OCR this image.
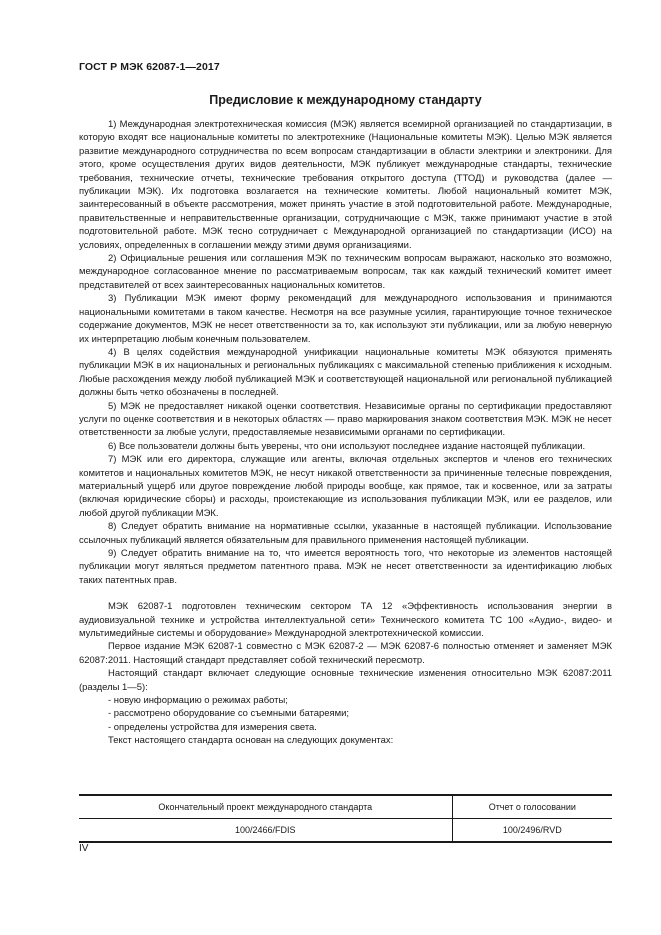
ГОСТ Р МЭК 62087-1—2017
Предисловие к международному стандарту

1) Международная электротехническая комиссия (МЭК) является всемирной организацией по стандартизации, в которую входят все национальные комитеты по электротехнике (Национальные комитеты МЭК). Целью МЭК является развитие международного сотрудничества по всем вопросам стандартизации в области электрики и электроники. Для этого, кроме осуществления других видов деятельности, МЭК публикует международные стандарты, технические требования, технические отчеты, технические требования открытого доступа (ТТОД) и руководства (далее — публикации МЭК). Их подготовка возлагается на технические комитеты. Любой национальный комитет МЭК, заинтересованный в объекте рассмотрения, может принять участие в этой подготовительной работе. Международные, правительственные и неправительственные организации, сотрудничающие с МЭК, также принимают участие в этой подготовительной работе. МЭК тесно сотрудничает с Международной организацией по стандартизации (ИСО) на условиях, определенных в соглашении между этими двумя организациями.

2) Официальные решения или соглашения МЭК по техническим вопросам выражают, насколько это возможно, международное согласованное мнение по рассматриваемым вопросам, так как каждый технический комитет имеет представителей от всех заинтересованных национальных комитетов.

3) Публикации МЭК имеют форму рекомендаций для международного использования и принимаются национальными комитетами в таком качестве. Несмотря на все разумные усилия, гарантирующие точное техническое содержание документов, МЭК не несет ответственности за то, как используют эти публикации, или за любую неверную их интерпретацию любым конечным пользователем.

4) В целях содействия международной унификации национальные комитеты МЭК обязуются применять публикации МЭК в их национальных и региональных публикациях с максимальной степенью приближения к исходным. Любые расхождения между любой публикацией МЭК и соответствующей национальной или региональной публикацией должны быть четко обозначены в последней.

5) МЭК не предоставляет никакой оценки соответствия. Независимые органы по сертификации предоставляют услуги по оценке соответствия и в некоторых областях — право маркирования знаком соответствия МЭК. МЭК не несет ответственности за любые услуги, предоставляемые независимыми органами по сертификации.

6) Все пользователи должны быть уверены, что они используют последнее издание настоящей публикации.

7) МЭК или его директора, служащие или агенты, включая отдельных экспертов и членов его технических комитетов и национальных комитетов МЭК, не несут никакой ответственности за причиненные телесные повреждения, материальный ущерб или другое повреждение любой природы вообще, как прямое, так и косвенное, или за затраты (включая юридические сборы) и расходы, проистекающие из использования публикации МЭК, или ее разделов, или любой другой публикации МЭК.

8) Следует обратить внимание на нормативные ссылки, указанные в настоящей публикации. Использование ссылочных публикаций является обязательным для правильного применения настоящей публикации.

9) Следует обратить внимание на то, что имеется вероятность того, что некоторые из элементов настоящей публикации могут являться предметом патентного права. МЭК не несет ответственности за идентификацию любых таких патентных прав.

МЭК 62087-1 подготовлен техническим сектором ТА 12 «Эффективность использования энергии в аудиовизуальной технике и устройства интеллектуальной сети» Технического комитета ТС 100 «Аудио-, видео- и мультимедийные системы и оборудование» Международной электротехнической комиссии.

Первое издание МЭК 62087-1 совместно с МЭК 62087-2 — МЭК 62087-6 полностью отменяет и заменяет МЭК 62087:2011. Настоящий стандарт представляет собой технический пересмотр.

Настоящий стандарт включает следующие основные технические изменения относительно МЭК 62087:2011 (разделы 1—5):

- новую информацию о режимах работы;

- рассмотрено оборудование со съемными батареями;

- определены устройства для измерения света.

Текст настоящего стандарта основан на следующих документах:

Окончательный проект международного стандарта	Отчет о голосовании
100/2466/FDIS	100/2496/RVD
IV
